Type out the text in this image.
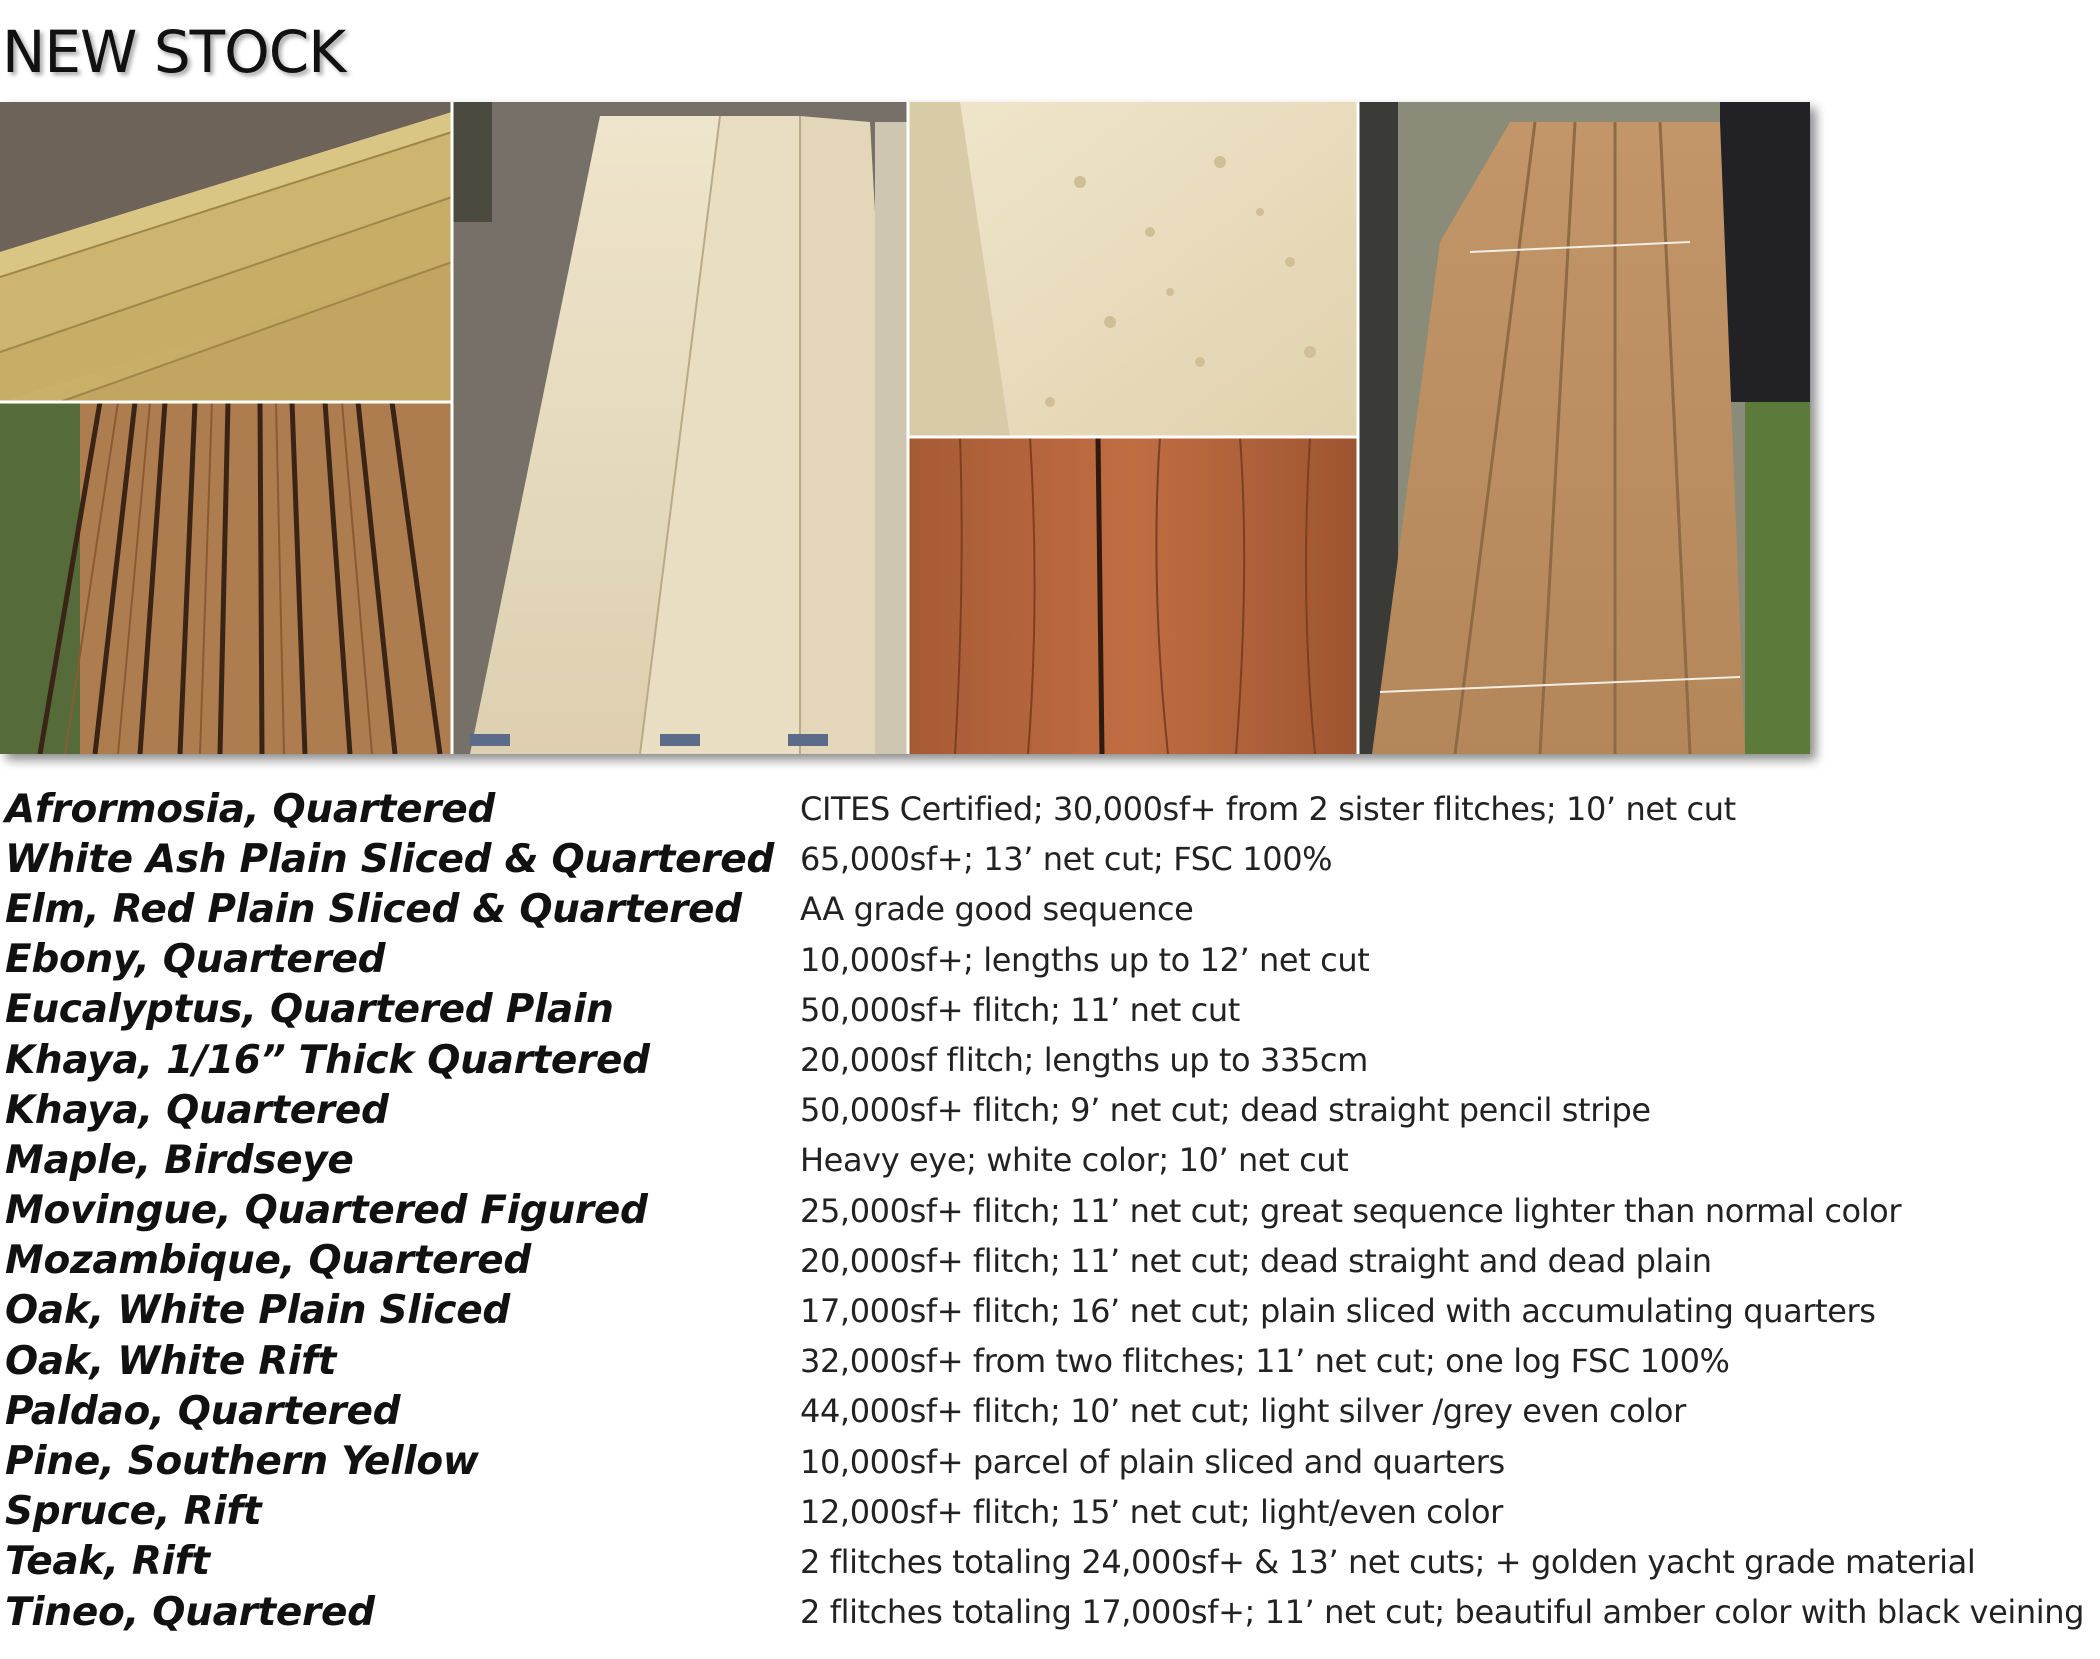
NEW STOCK
Afrormosia, Quartered	CITES Certified; 30,000sf+ from 2 sister flitches; 10’ net cut
White Ash Plain Sliced & Quartered 65,000sf+; 13’ net cut; FSC 100%
Elm, Red Plain Sliced & Quartered	AA grade good sequence
Ebony, Quartered	10,000sf+; lengths up to 12’ net cut
Eucalyptus, Quartered Plain	50,000sf+ flitch; 11’ net cut
Khaya, 1/16” Thick Quartered	20,000sf flitch; lengths up to 335cm
Khaya, Quartered	50,000sf+ flitch; 9’ net cut; dead straight pencil stripe
Maple, Birdseye	Heavy eye; white color; 10’ net cut
Movingue, Quartered Figured	25,000sf+ flitch; 11’ net cut; great sequence lighter than normal color
Mozambique, Quartered	20,000sf+ flitch; 11’ net cut; dead straight and dead plain
Oak, White Plain Sliced	17,000sf+ flitch; 16’ net cut; plain sliced with accumulating quarters
Oak, White Rift	32,000sf+ from two flitches; 11’ net cut; one log FSC 100%
Paldao, Quartered	44,000sf+ flitch; 10’ net cut; light silver /grey even color
Pine, Southern Yellow	10,000sf+ parcel of plain sliced and quarters
Spruce, Rift	12,000sf+ flitch; 15’ net cut; light/even color
Teak, Rift	2 flitches totaling 24,000sf+ & 13’ net cuts; + golden yacht grade material
Tineo, Quartered	2 flitches totaling 17,000sf+; 11’ net cut; beautiful amber color with black veining
